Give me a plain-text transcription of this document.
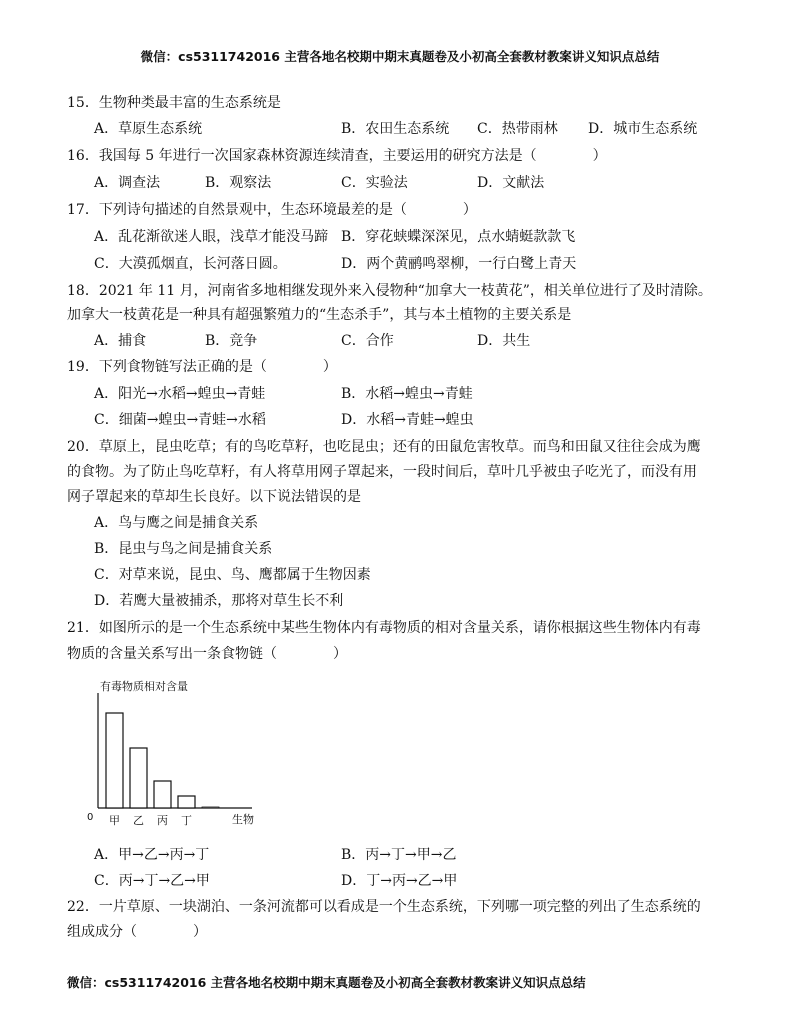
微信：cs5311742016 主营各地名校期中期末真题卷及小初高全套教材教案讲义知识点总结
15．生物种类最丰富的生态系统是
A．草原生态系统	B．农田生态系统 C．热带雨林 D．城市生态系统
16．我国每 5 年进行一次国家森林资源连续清查，主要运用的研究方法是（　　　　）
A．调查法	B．观察法	C．实验法	D．文献法
17．下列诗句描述的自然景观中，生态环境最差的是（　　　　）
A．乱花渐欲迷人眼，浅草才能没马蹄 B．穿花蛱蝶深深见，点水蜻蜓款款飞
C．大漠孤烟直，长河落日圆。	D．两个黄鹂鸣翠柳，一行白鹭上青天
18．2021 年 11 月，河南省多地相继发现外来入侵物种“加拿大一枝黄花”，相关单位进行了及时清除。
加拿大一枝黄花是一种具有超强繁殖力的“生态杀手”，其与本土植物的主要关系是
A．捕食	B．竞争	C．合作	D．共生
19．下列食物链写法正确的是（　　　　）
A．阳光→水稻→蝗虫→青蛙	B．水稻→蝗虫→青蛙
C．细菌→蝗虫→青蛙→水稻	D．水稻→青蛙→蝗虫
20．草原上，昆虫吃草；有的鸟吃草籽，也吃昆虫；还有的田鼠危害牧草。而鸟和田鼠又往往会成为鹰
的食物。为了防止鸟吃草籽，有人将草用网子罩起来，一段时间后，草叶几乎被虫子吃光了，而没有用
网子罩起来的草却生长良好。以下说法错误的是
A．鸟与鹰之间是捕食关系
B．昆虫与鸟之间是捕食关系
C．对草来说，昆虫、鸟、鹰都属于生物因素
D．若鹰大量被捕杀，那将对草生长不利
21．如图所示的是一个生态系统中某些生物体内有毒物质的相对含量关系，请你根据这些生物体内有毒
物质的含量关系写出一条食物链（　　　　）
有毒物质相对含量
0	生物
甲 乙 丙 丁
A．甲→乙→丙→丁	B．丙→丁→甲→乙
C．丙→丁→乙→甲	D．丁→丙→乙→甲
22．一片草原、一块湖泊、一条河流都可以看成是一个生态系统，下列哪一项完整的列出了生态系统的
组成成分（　　　　）
微信：cs5311742016 主营各地名校期中期末真题卷及小初高全套教材教案讲义知识点总结
